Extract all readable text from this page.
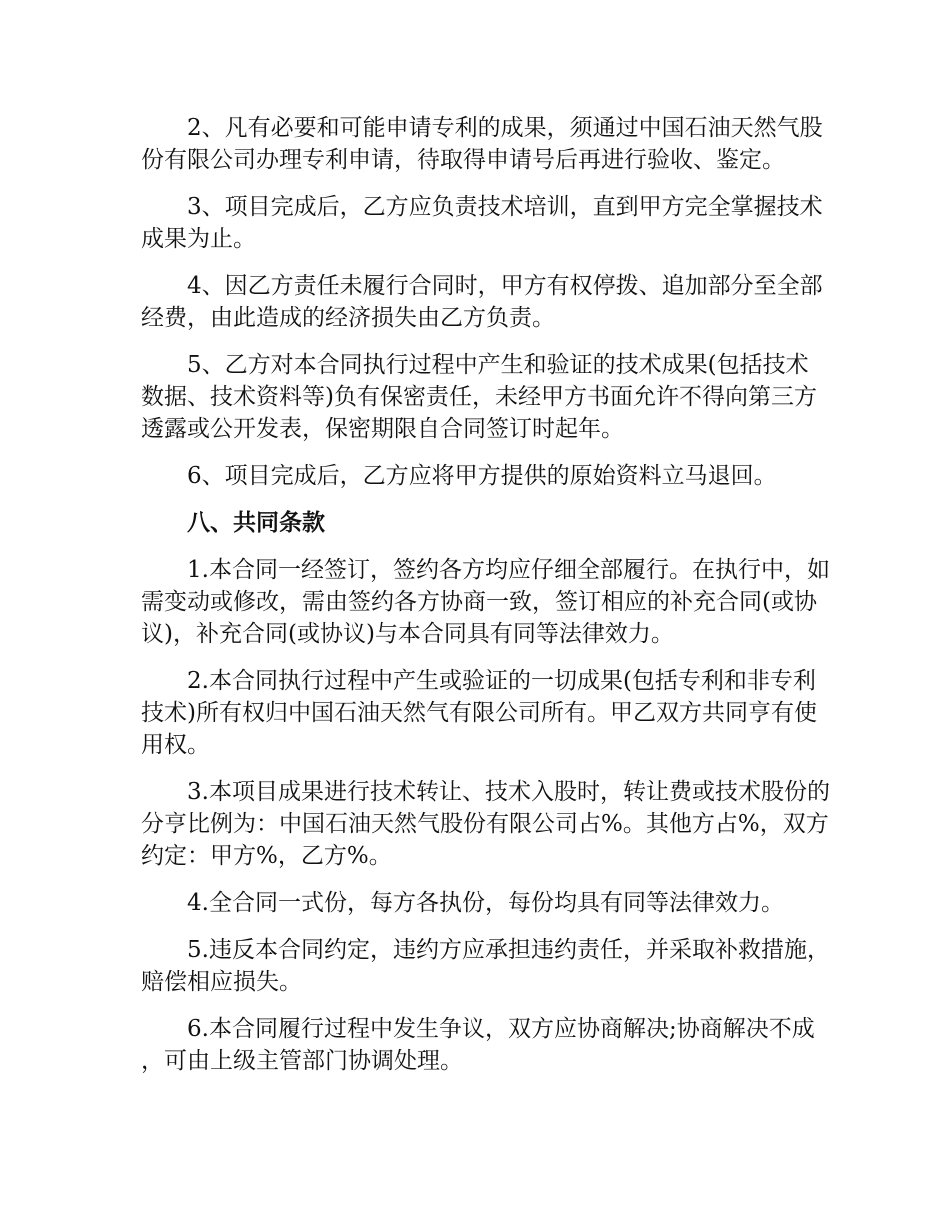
2、凡有必要和可能申请专利的成果，须通过中国石油天然气股份有限公司办理专利申请，待取得申请号后再进行验收、鉴定。

3、项目完成后，乙方应负责技术培训，直到甲方完全掌握技术成果为止。

4、因乙方责任未履行合同时，甲方有权停拨、追加部分至全部经费，由此造成的经济损失由乙方负责。

5、乙方对本合同执行过程中产生和验证的技术成果(包括技术数据、技术资料等)负有保密责任，未经甲方书面允许不得向第三方透露或公开发表，保密期限自合同签订时起年。

6、项目完成后，乙方应将甲方提供的原始资料立马退回。

八、共同条款

1.本合同一经签订，签约各方均应仔细全部履行。在执行中，如需变动或修改，需由签约各方协商一致，签订相应的补充合同(或协议)，补充合同(或协议)与本合同具有同等法律效力。

2.本合同执行过程中产生或验证的一切成果(包括专利和非专利技术)所有权归中国石油天然气有限公司所有。甲乙双方共同亨有使用权。

3.本项目成果进行技术转让、技术入股时，转让费或技术股份的分亨比例为：中国石油天然气股份有限公司占%。其他方占%，双方约定：甲方%，乙方%。

4.全合同一式份，每方各执份，每份均具有同等法律效力。

5.违反本合同约定，违约方应承担违约责任，并采取补救措施，赔偿相应损失。

6.本合同履行过程中发生争议，双方应协商解决;协商解决不成，可由上级主管部门协调处理。
